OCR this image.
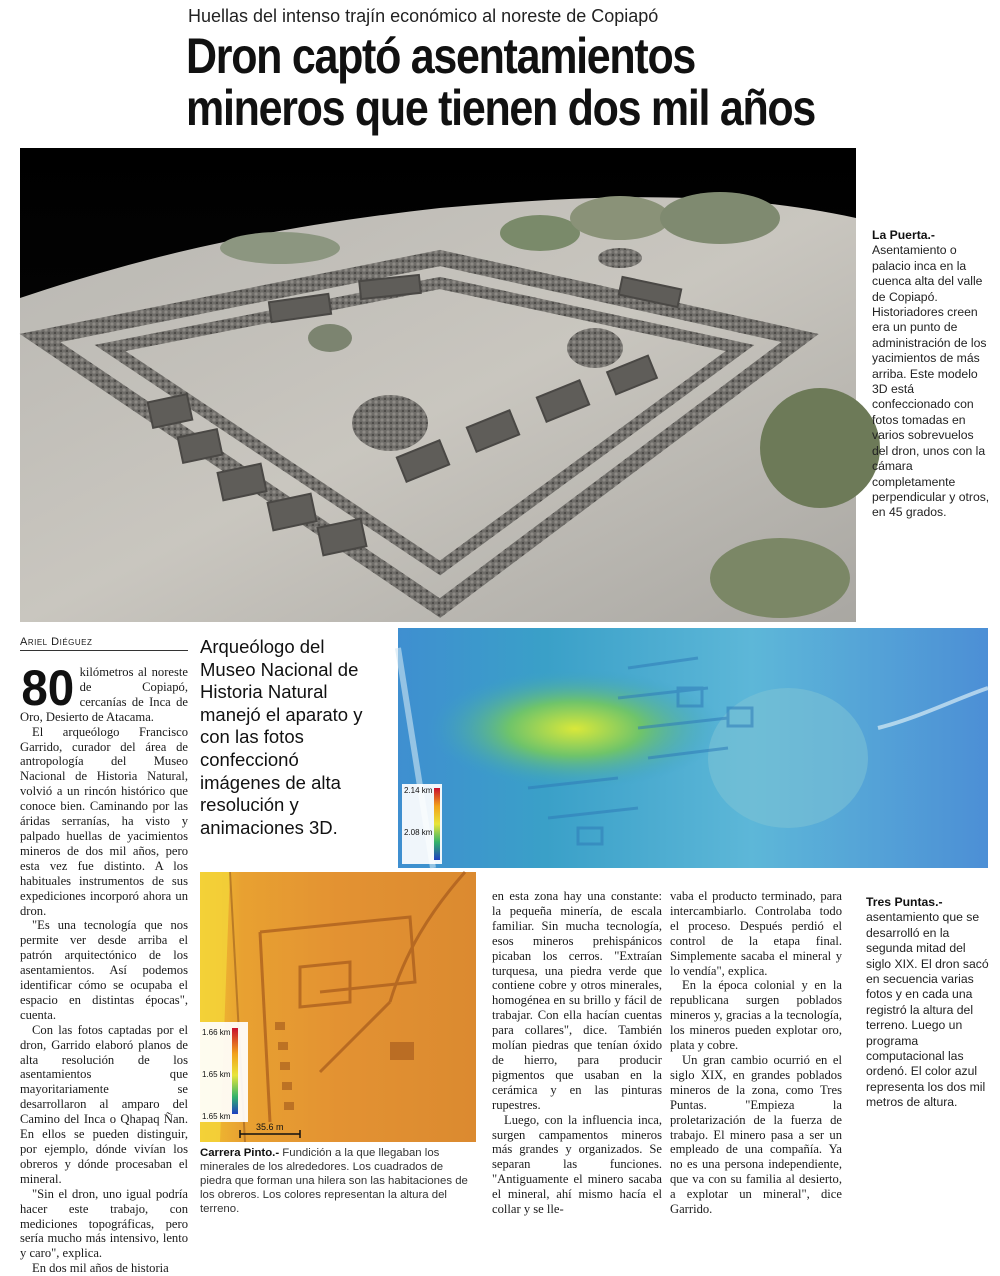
Huellas del intenso trajín económico al noreste de Copiapó
Dron captó asentamientos
mineros que tienen dos mil años
La Puerta.-
Asentamiento o palacio inca en la cuenca alta del valle de Copiapó. Historiadores creen era un punto de administración de los yacimientos de más arriba. Este modelo 3D está confeccionado con fotos tomadas en varios sobrevuelos del dron, unos con la cámara completamente perpendicular y otros, en 45 grados.
Ariel Diéguez

80 kilómetros al noreste de Copiapó, cercanías de Inca de Oro, Desierto de Atacama.

El arqueólogo Francisco Garrido, curador del área de antropología del Museo Nacional de Historia Natural, volvió a un rincón histórico que conoce bien. Caminando por las áridas serranías, ha visto y palpado huellas de yacimientos mineros de dos mil años, pero esta vez fue distinto. A los habituales instrumentos de sus expediciones incorporó ahora un dron.

"Es una tecnología que nos permite ver desde arriba el patrón arquitectónico de los asentamientos. Así podemos identificar cómo se ocupaba el espacio en distintas épocas", cuenta.

Con las fotos captadas por el dron, Garrido elaboró planos de alta resolución de los asentamientos que mayoritariamente se desarrollaron al amparo del Camino del Inca o Qhapaq Ñan. En ellos se pueden distinguir, por ejemplo, dónde vivían los obreros y dónde procesaban el mineral.

"Sin el dron, uno igual podría hacer este trabajo, con mediciones topográficas, pero sería mucho más intensivo, lento y caro", explica.

En dos mil años de historia

Arqueólogo del
Museo Nacional de
Historia Natural
manejó el aparato y
con las fotos
confeccionó
imágenes de alta
resolución y
animaciones 3D.
2.14 km
2.08 km
1.66 km
1.65 km
1.65 km
35.6 m
Carrera Pinto.- Fundición a la que llegaban los minerales de los alrededores. Los cuadrados de piedra que forman una hilera son las habitaciones de los obreros. Los colores representan la altura del terreno.

en esta zona hay una constante: la pequeña minería, de escala familiar. Sin mucha tecnología, esos mineros prehispánicos picaban los cerros. "Extraían turquesa, una piedra verde que contiene cobre y otros minerales, homogénea en su brillo y fácil de trabajar. Con ella hacían cuentas para collares", dice. También molían piedras que tenían óxido de hierro, para producir pigmentos que usaban en la cerámica y en las pinturas rupestres.

Luego, con la influencia inca, surgen campamentos mineros más grandes y organizados. Se separan las funciones. "Antiguamente el minero sacaba el mineral, ahí mismo hacía el collar y se lle-

vaba el producto terminado, para intercambiarlo. Controlaba todo el proceso. Después perdió el control de la etapa final. Simplemente sacaba el mineral y lo vendía", explica.

En la época colonial y en la republicana surgen poblados mineros y, gracias a la tecnología, los mineros pueden explotar oro, plata y cobre.

Un gran cambio ocurrió en el siglo XIX, en grandes poblados mineros de la zona, como Tres Puntas. "Empieza la proletarización de la fuerza de trabajo. El minero pasa a ser un empleado de una compañía. Ya no es una persona independiente, que va con su familia al desierto, a explotar un mineral", dice Garrido.

Tres Puntas.-
asentamiento que se desarrolló en la segunda mitad del siglo XIX. El dron sacó en secuencia varias fotos y en cada una registró la altura del terreno. Luego un programa computacional las ordenó. El color azul representa los dos mil metros de altura.
